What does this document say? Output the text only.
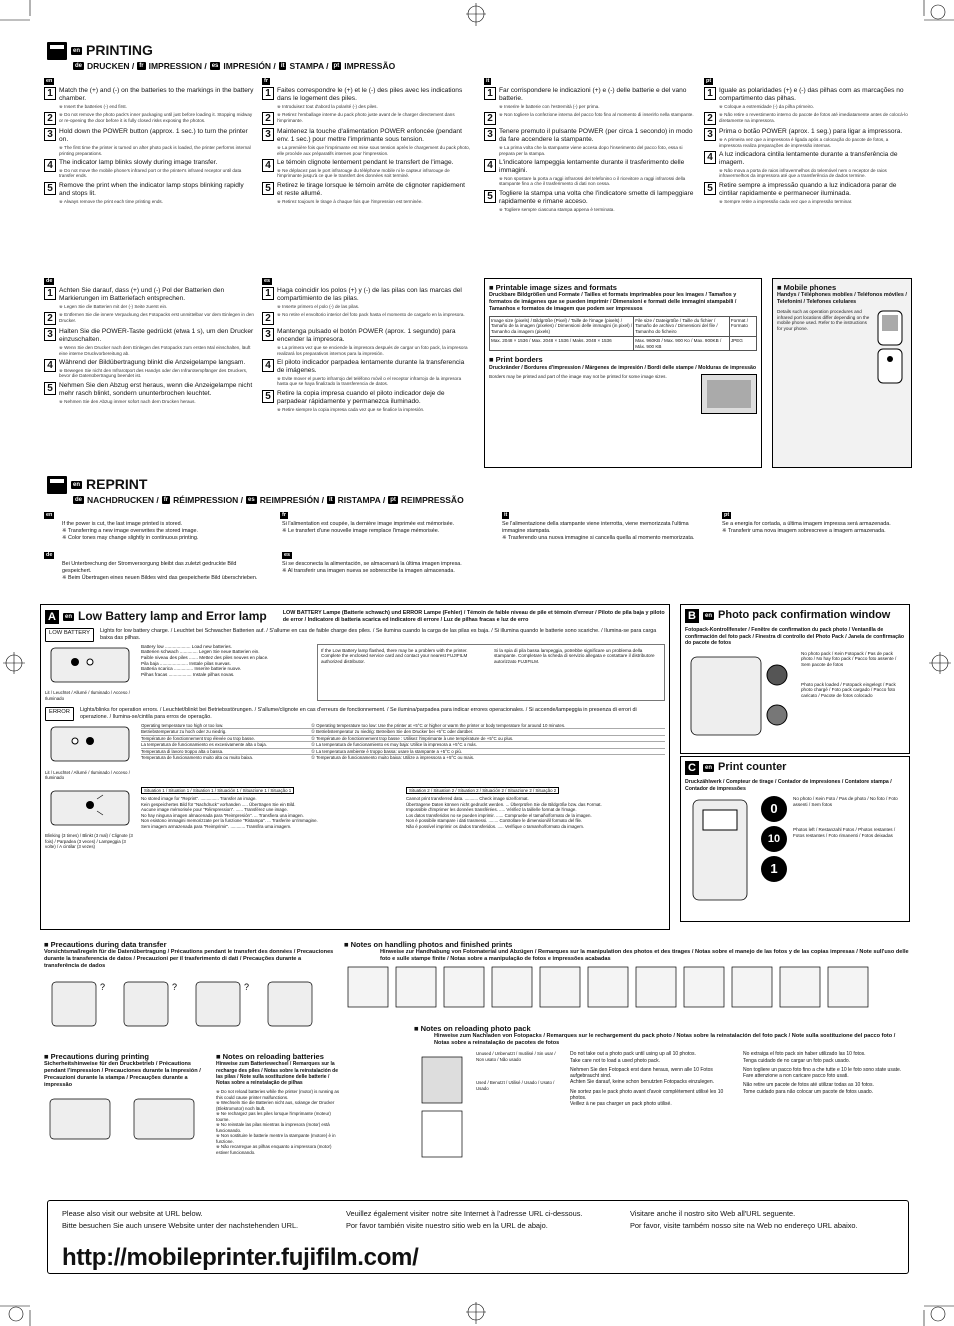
en PRINTING
de DRUCKEN / fr IMPRESSION / es IMPRESIÓN / it STAMPA / pt IMPRESSÃO
en
1 Match the (+) and (-) on the batteries to the markings in the battery chamber.
※ Insert the batteries (-) end first.
2	※ Do not remove the photo pack's inner packaging until just before loading it. Stopping midway or re-opening the door before it is fully closed risks exposing the photos.
3 Hold down the POWER button (approx. 1 sec.) to turn the printer on.
※ The first time the printer is turned on after photo pack is loaded, the printer performs internal printing preparations.
4 The indicator lamp blinks slowly during image transfer.
※ Do not move the mobile phone's infrared port or the printer's infrared receptor until data transfer ends.
5 Remove the print when the indicator lamp stops blinking rapidly and stops lit.
※ Always remove the print each time printing ends.
fr
1 Faites correspondre le (+) et le (-) des piles avec les indications dans le logement des piles.
※ Introduisez tout d'abord la polarité (-) des piles.
2	※ Retirez l'emballage interne du pack photo juste avant de le charger directement dans l'imprimante.
3 Maintenez la touche d'alimentation POWER enfoncée (pendant env. 1 sec.) pour mettre l'imprimante sous tension.
※ La première fois que l'imprimante est mise sous tension après le chargement du pack photo, elle procède aux préparatifs internes pour l'impression.
4 Le témoin clignote lentement pendant le transfert de l'image.
※ Ne déplacez pas le port infrarouge du téléphone mobile ni le capteur infrarouge de l'imprimante jusqu'à ce que le transfert des données soit terminé.
5 Retirez le tirage lorsque le témoin arrête de clignoter rapidement et reste allumé.
※ Retirez toujours le tirage à chaque fois que l'impression est terminée.
it
1 Far corrispondere le indicazioni (+) e (-) delle batterie e del vano batterie.
※ Inserire le batterie con l'estremità (-) per prima.
2	※ Non togliere la confezione interna del pacco foto fino al momento di inserirlo nella stampante.
3 Tenere premuto il pulsante POWER (per circa 1 secondo) in modo da fare accendere la stampante.
※ La prima volta che la stampante viene accesa dopo l'inserimento del pacco foto, essa si prepara per la stampa.
4 L'indicatore lampeggia lentamente durante il trasferimento delle immagini.
※ Non spostare la porta a raggi infrarossi del telefonino o il ricevitore a raggi infrarossi della stampante fino a che il trasferimento di dati non cessa.
5 Togliere la stampa una volta che l'indicatore smette di lampeggiare rapidamente e rimane acceso.
※ Togliere sempre ciascuna stampa appena è terminata.
pt
1 Iguale as polaridades (+) e (-) das pilhas com as marcações no compartimento das pilhas.
※ Coloque a extremidade (-) da pilha primeiro.
2	※ Não retire o revestimento interno do pacote de fotos até imediatamente antes de colocá-lo diretamente na impressora.
3 Prima o botão POWER (aprox. 1 seg.) para ligar a impressora.
※ A primeira vez que a impressora é ligada após a colocação do pacote de fotos, a impressora realiza preparações de impressão internas.
4 A luz indicadora cintila lentamente durante a transferência de imagem.
※ Não mova a porta de raios infravermelhos do telemóvel nem o receptor de raios infravermelhos da impressora até que a transferência de dados termine.
5 Retire sempre a impressão quando a luz indicadora parar de cintilar rapidamente e permanecer iluminada.
※ Sempre retire a impressão cada vez que a impressão terminar.
de
1 Achten Sie darauf, dass (+) und (-) Pol der Batterien den Markierungen im Batteriefach entsprechen.
※ Legen Sie die Batterien mit der (-) Seite zuerst ein.
2	※ Entfernen Sie die innere Verpackung des Fotopacks erst unmittelbar vor dem Einlegen in den Drucker.
3 Halten Sie die POWER-Taste gedrückt (etwa 1 s), um den Drucker einzuschalten.
※ Wenn Sie den Drucker nach dem Einlegen des Fotopacks zum ersten Mal einschalten, läuft eine interne Druckvorbereitung ab.
4 Während der Bildübertragung blinkt die Anzeigelampe langsam.
※ Bewegen Sie nicht den Infrarotport des Handys oder den Infrarotempfänger des Druckers, bevor die Datenübertragung beendet ist.
5 Nehmen Sie den Abzug erst heraus, wenn die Anzeigelampe nicht mehr rasch blinkt, sondern ununterbrochen leuchtet.
※ Nehmen Sie den Abzug immer sofort nach dem Drucken heraus.
es
1 Haga coincidir los polos (+) y (-) de las pilas con las marcas del compartimiento de las pilas.
※ Inserte primero el polo (-) de las pilas.
2	※ No retire el envoltorio interior del foto pack hasta el momento de cargarlo en la impresora.
3 Mantenga pulsado el botón POWER (aprox. 1 segundo) para encender la impresora.
※ La primera vez que se enciende la impresora después de cargar un foto pack, la impresora realizará los preparativos internos para la impresión.
4 El piloto indicador parpadea lentamente durante la transferencia de imágenes.
※ Evite mover el puerto infrarrojo del teléfono móvil o el receptor infrarrojo de la impresora hasta que se haya finalizado la transferencia de datos.
5 Retire la copia impresa cuando el piloto indicador deje de parpadear rápidamente y permanezca iluminado.
※ Retire siempre la copia impresa cada vez que se finalice la impresión.
■ Printable image sizes and formats
Druckbare Bildgrößen und Formate / Tailles et formats imprimables pour les images / Tamaños y formatos de imágenes que se pueden imprimir / Dimensioni e formati delle immagini stampabili / Tamanhos e formatos de imagem que podem ser impressos
Image size (pixels) / Bildgröße (Pixel) / Taille de l'image (pixels) / Tamaño de la imagen (píxeles) / Dimensioni delle immagini (in pixel) / Tamanho da imagem (pixels)	File size / Dateigröße / Taille du fichier / Tamaño de archivo / Dimensioni del file / Tamanho do ficheiro	Format / Formato
Max. 2048 × 1536 / Max. 2048 × 1536 / Maks. 2048 × 1536	Max. 960KB / Max. 900 Ko / Max. 900KB / Máx. 900 KB	JPEG
■ Print borders
Druckränder / Bordures d'impression / Márgenes de impresión / Bordi delle stampe / Molduras de impressão
Borders may be printed and part of the image may not be printed for some image sizes.
■ Mobile phones
Handys / Téléphones mobiles / Teléfonos móviles / Telefonini / Telefones celulares
Details such as operation procedures and infrared port locations differ depending on the mobile phone used. Refer to the instructions for your phone.
en REPRINT
de NACHDRUCKEN / fr RÉIMPRESSION / es REIMPRESIÓN / it RISTAMPA / pt REIMPRESSÃO
en
If the power is cut, the last image printed is stored.
※ Transferring a new image overwrites the stored image.
※ Color tones may change slightly in continuous printing.
fr
Si l'alimentation est coupée, la dernière image imprimée est mémorisée.
※ Le transfert d'une nouvelle image remplace l'image mémorisée.
it
Se l'alimentazione della stampante viene interrotta, viene memorizzata l'ultima immagine stampata.
※ Trasferendo una nuova immagine si cancella quella al momento memorizzata.
pt
Se a energia for cortada, a última imagem impressa será armazenada.
※ Transferir uma nova imagem sobrescreve a imagem armazenada.
de
Bei Unterbrechung der Stromversorgung bleibt das zuletzt gedruckte Bild gespeichert.
※ Beim Übertragen eines neuen Bildes wird das gespeicherte Bild überschrieben.
es
Si se desconecta la alimentación, se almacenará la última imagen impresa.
※ Al transferir una imagen nueva se sobrescribe la imagen almacenada.
A	en Low Battery lamp and Error lamp	LOW BATTERY Lampe (Batterie schwach) und ERROR Lampe (Fehler) / Témoin de faible niveau de pile et témoin d'erreur / Piloto de pila baja y piloto de error / Indicatore di batteria scarica ed indicatore di errore / Luz de pilhas fracas e luz de erro
LOW BATTERY	Lights for low battery charge. / Leuchtet bei Schwacher Batterien auf. / S'allume en cas de faible charge des piles. / Se ilumina cuando la carga de las pilas es baja. / Si illumina quando le batterie sono scariche. / Ilumina-se para carga baixa das pilhas.
Lit / Leuchtet / Allumé / Iluminado / Acceso / Iluminado
Battery low .................... Load new batteries.
Batterien schwach .............. Legen Sie neue Batterien ein.
Faible niveau des piles ....... Mettez des piles neuves en place.
Pila baja ...................... Instale pilas nuevas.
Batteria scarica ............... Inserire batterie nuove.
Pilhas fracas .................. Instale pilhas novas.
If the Low Battery lamp flashed, there may be a problem with the printer. Complete the enclosed service card and contact your nearest FUJIFILM authorized distributor.
Si la spia di pila bassa lampeggia, potrebbe significare un problema della stampante. Completare la scheda di servizio allegata e contattare il distributore autorizzato FUJIFILM.
ERROR	Lights/blinks for operation errors. / Leuchtet/blinkt bei Betriebsstörungen. / S'allume/clignote en cas d'erreurs de fonctionnement. / Se ilumina/parpadea para indicar errores operacionales. / Si accende/lampeggia in presenza di errori di operazione. / Ilumina-se/cintila para erros de operação.
Lit / Leuchtet / Allumé / Iluminado / Acceso / Iluminado
Operating temperature too high or too low.	① Operating temperature too low: Use the printer at +5°C or higher or warm the printer or body temperature for around 10 minutes.
Betriebstemperatur zu hoch oder zu niedrig.	① Betriebstemperatur zu niedrig: Betreiben Sie den Drucker bei +5°C oder darüber.
Température de fonctionnement trop élevée ou trop basse.	① Température de fonctionnement trop basse : Utilisez l'imprimante à une température de +5°C ou plus.
La temperatura de funcionamiento es excesivamente alta o baja.	① La temperatura de funcionamiento es muy baja: Utilice la impresora a +5°C o más.
Temperatura di lavoro troppo alta o bassa.	① La temperatura ambiente è troppo bassa: usare la stampante a +5°C o più.
Temperatura de funcionamento muito alta ou muito baixa.	① Temperatura de funcionamento muito baixa: Utilize a impressora a +5°C ou mais.
Blinking (3 times) / Blinkt (3 mal) / Clignote (3 fois) / Parpadea (3 veces) / Lampeggia (3 volte) / A cintilar (3 vezes)
Situation 1 / Situation 1 / Situation 1 / Situación 1 / Situazione 1 / Situação 1
No stored image for "Reprint". ............... Transfer an image.
Kein gespeichertes Bild für "Nachdruck" vorhanden ..... Übertragen Sie ein Bild.
Aucune image mémorisée pour "Réimpression". ...... Transférez une image.
No hay ninguna imagen almacenada para "Reimpresión". ... Transfiera una imagen.
Non esistono immagini memorizzate per la funzione "Ristampa". ... Trasferire un'immagine.
Sem imagem armazenada para "Reimprimir". ............ Transfira uma imagem.
Situation 2 / Situation 2 / Situation 2 / Situación 2 / Situazione 2 / Situação 2
Cannot print transferred data. ........... Check image size/format.
Übertragene Daten können nicht gedruckt werden. ... Überprüfen Sie die Bildgröße bzw. das Format.
Impossible d'imprimer les données transférées. ..... Vérifiez la taille/le format de l'image.
Los datos transferidos no se pueden imprimir. ...... Compruebe el tamaño/formato de la imagen.
Non è possibile stampare i dati trasmessi. ........ Controllare le dimensioni/il formato del file.
Não é possível imprimir os dados transferidos. ..... Verifique o tamanho/formato da imagem.
B	en Photo pack confirmation window
Fotopack-Kontrollfenster / Fenêtre de confirmation du pack photo / Ventanilla de confirmación del foto pack / Finestra di controllo del Photo Pack / Janela de confirmação do pacote de fotos
No photo pack / Kein Fotopack / Pas de pack photo / No hay foto pack / Pacco foto assente / Sem pacote de fotos
Photo pack loaded / Fotopack eingelegt / Pack photo chargé / Foto pack cargado / Pacco foto caricato / Pacote de fotos colocado
C	en Print counter
Druckzählwerk / Compteur de tirage / Contador de impresiones / Contatore stampa / Contador de impressões
0
10
1
No photo / Kein Foto / Pas de photo / No foto / Foto assenti / Sem fotos
Photos left / Restanzahl Fotos / Photos restantes / Fotos restantes / Foto rimanenti / Fotos deixadas
■ Precautions during data transfer
Vorsichtsmaßregeln für die Datenübertragung / Précautions pendant le transfert des données / Precauciones durante la transferencia de datos / Precauzioni per il trasferimento di dati / Precauções durante a transferência de dados
?	?	?
■ Precautions during printing
Sicherheitshinweise für den Druckbetrieb / Précautions pendant l'impression / Precauciones durante la impresión / Precauzioni durante la stampa / Precauções durante a impressão
■ Notes on reloading batteries
Hinweise zum Batteriewechsel / Remarques sur la recharge des piles / Notas sobre la reinstalación de las pilas / Note sulla sostituzione delle batterie / Notas sobre a reinstalação de pilhas
※ Do not reload batteries while the printer (motor) is running as this could cause printer malfunctions.
※ Wechseln Sie die Batterien nicht aus, solange der Drucker (Elektromotor) noch läuft.
※ Ne rechargez pas les piles lorsque l'imprimante (moteur) tourne.
※ No reinstale las pilas mientras la impresora (motor) está funcionando.
※ Non sostituire le batterie mentre la stampante (motore) è in funzione.
※ Não recarregue as pilhas enquanto a impressora (motor) estiver funcionando.
■ Notes on handling photos and finished prints
Hinweise zur Handhabung von Fotomaterial und Abzügen / Remarques sur la manipulation des photos et des tirages / Notas sobre el manejo de las fotos y de las copias impresas / Note sull'uso delle foto e sulle stampe finite / Notas sobre a manipulação de fotos e impressões acabadas
■ Notes on reloading photo pack
Hinweise zum Nachladen von Fotopacks / Remarques sur le rechargement du pack photo / Notas sobre la reinstalación del foto pack / Note sulla sostituzione del pacco foto / Notas sobre a reinstalação de pacotes de fotos
Unused / Unbenutzt / Inutilisé / Sin usar / Non usato / Não usado
Used / Benutzt / Utilisé / Usado / Usato / Usado
Do not take out a photo pack until using up all 10 photos.
Take care not to load a used photo pack.
Nehmen Sie den Fotopack erst dann heraus, wenn alle 10 Fotos aufgebraucht sind.
Achten Sie darauf, keine schon benutzten Fotopacks einzulegen.
Ne sortez pas le pack photo avant d'avoir complètement utilisé les 10 photos.
Veillez à ne pas charger un pack photo utilisé.
No extraiga el foto pack sin haber utilizado las 10 fotos.
Tenga cuidado de no cargar un foto pack usado.
Non togliere un pacco foto fino a che tutte e 10 le foto sono state usate.
Fare attenzione a non caricare pacco foto usati.
Não retire um pacote de fotos até utilizar todas as 10 fotos.
Tome cuidado para não colocar um pacote de fotos usado.
Please also visit our website at URL below.
Bitte besuchen Sie auch unsere Website unter der nachstehenden URL.
Veuillez également visiter notre site Internet à l'adresse URL ci-dessous.
Por favor también visite nuestro sitio web en la URL de abajo.
Visitare anche il nostro sito Web all'URL seguente.
Por favor, visite também nosso site na Web no endereço URL abaixo.
http://mobileprinter.fujifilm.com/
